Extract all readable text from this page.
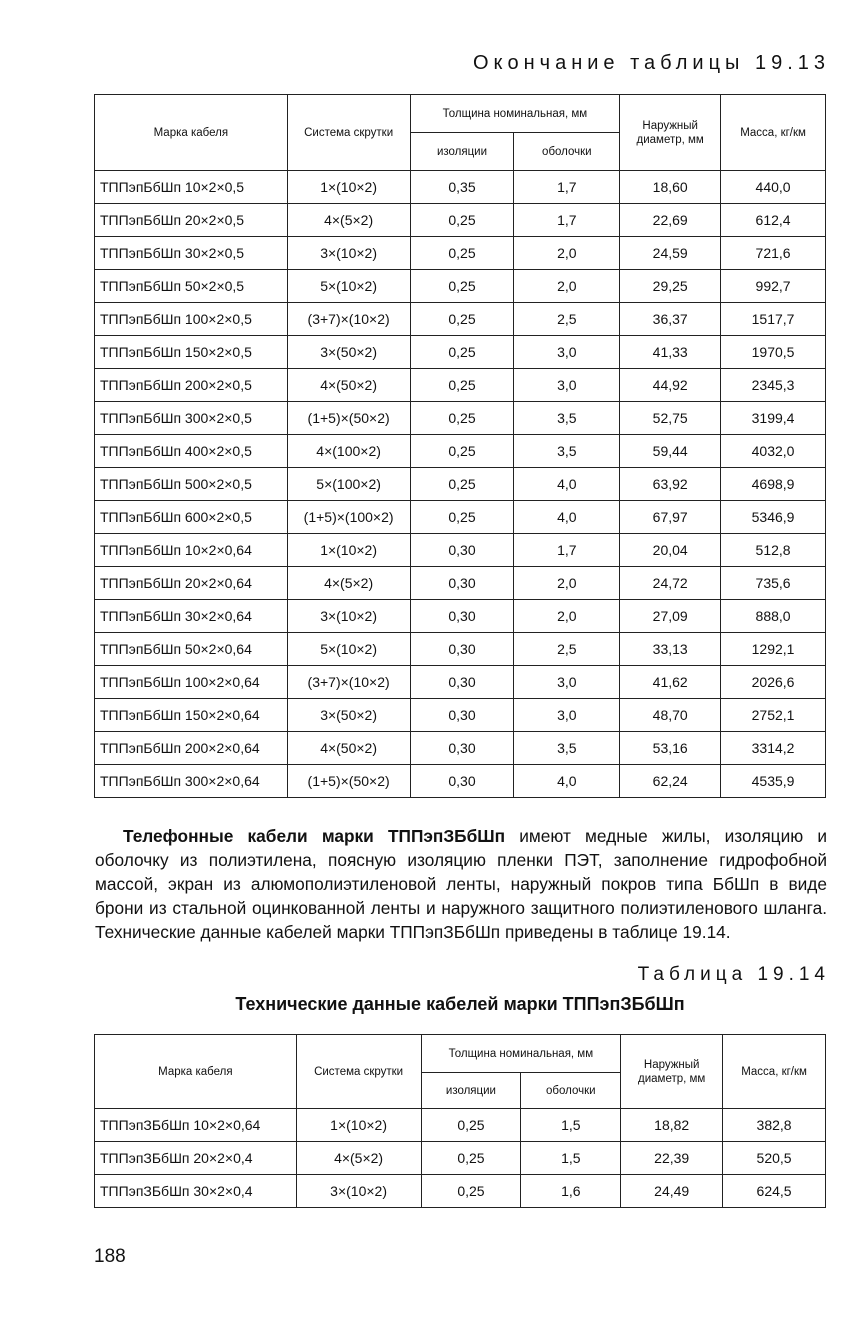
Окончание таблицы 19.13
Марка кабеля	Система скрутки	Толщина номинальная, мм		Наружный диаметр, мм	Масса, кг/км
		изоляции	оболочки		
ТППэпБбШп 10×2×0,5	1×(10×2)	0,35	1,7	18,60	440,0
ТППэпБбШп 20×2×0,5	4×(5×2)	0,25	1,7	22,69	612,4
ТППэпБбШп 30×2×0,5	3×(10×2)	0,25	2,0	24,59	721,6
ТППэпБбШп 50×2×0,5	5×(10×2)	0,25	2,0	29,25	992,7
ТППэпБбШп 100×2×0,5	(3+7)×(10×2)	0,25	2,5	36,37	1517,7
ТППэпБбШп 150×2×0,5	3×(50×2)	0,25	3,0	41,33	1970,5
ТППэпБбШп 200×2×0,5	4×(50×2)	0,25	3,0	44,92	2345,3
ТППэпБбШп 300×2×0,5	(1+5)×(50×2)	0,25	3,5	52,75	3199,4
ТППэпБбШп 400×2×0,5	4×(100×2)	0,25	3,5	59,44	4032,0
ТППэпБбШп 500×2×0,5	5×(100×2)	0,25	4,0	63,92	4698,9
ТППэпБбШп 600×2×0,5	(1+5)×(100×2)	0,25	4,0	67,97	5346,9
ТППэпБбШп 10×2×0,64	1×(10×2)	0,30	1,7	20,04	512,8
ТППэпБбШп 20×2×0,64	4×(5×2)	0,30	2,0	24,72	735,6
ТППэпБбШп 30×2×0,64	3×(10×2)	0,30	2,0	27,09	888,0
ТППэпБбШп 50×2×0,64	5×(10×2)	0,30	2,5	33,13	1292,1
ТППэпБбШп 100×2×0,64	(3+7)×(10×2)	0,30	3,0	41,62	2026,6
ТППэпБбШп 150×2×0,64	3×(50×2)	0,30	3,0	48,70	2752,1
ТППэпБбШп 200×2×0,64	4×(50×2)	0,30	3,5	53,16	3314,2
ТППэпБбШп 300×2×0,64	(1+5)×(50×2)	0,30	4,0	62,24	4535,9
Телефонные кабели марки ТППэпЗБбШп имеют медные жилы, изоляцию и оболочку из полиэтилена, поясную изоляцию пленки ПЭТ, заполнение гидрофобной массой, экран из алюмополиэтиленовой ленты, наружный покров типа БбШп в виде брони из стальной оцинкованной ленты и наружного защитного полиэтиленового шланга. Технические данные кабелей марки ТППэпЗБбШп приведены в таблице 19.14.
Таблица 19.14
Технические данные кабелей марки ТППэпЗБбШп
Марка кабеля	Система скрутки	Толщина номинальная, мм		Наружный диаметр, мм	Масса, кг/км
		изоляции	оболочки		
ТППэпЗБбШп 10×2×0,64	1×(10×2)	0,25	1,5	18,82	382,8
ТППэпЗБбШп 20×2×0,4	4×(5×2)	0,25	1,5	22,39	520,5
ТППэпЗБбШп 30×2×0,4	3×(10×2)	0,25	1,6	24,49	624,5
188
